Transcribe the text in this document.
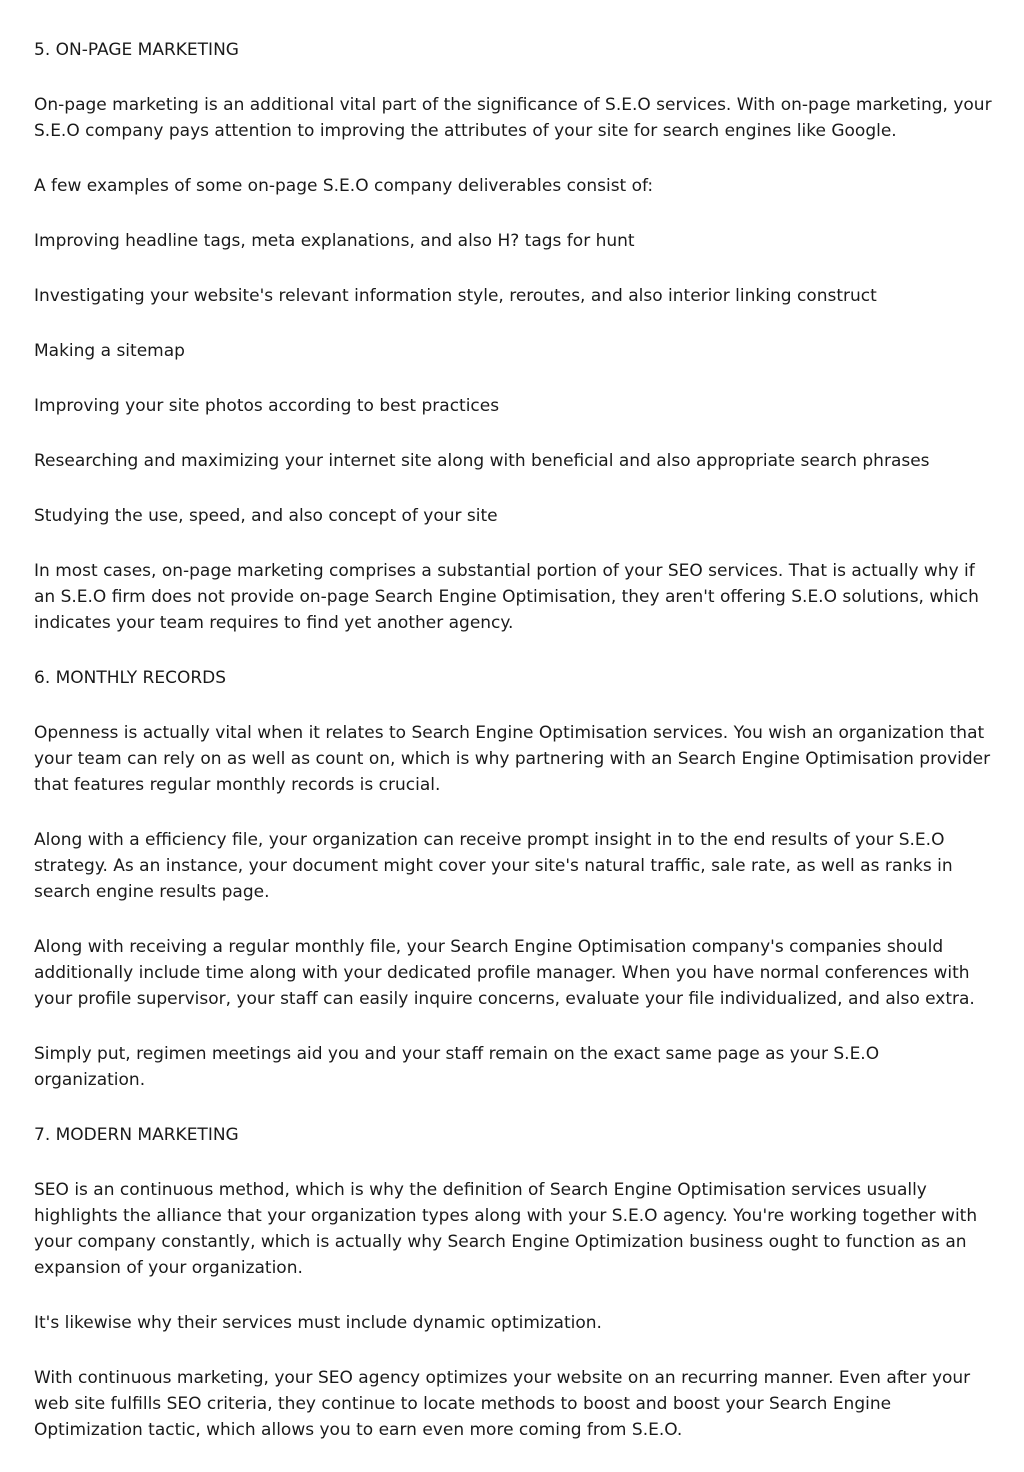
5. ON-PAGE MARKETING

On-page marketing is an additional vital part of the significance of S.E.O services. With on-page marketing, your S.E.O company pays attention to improving the attributes of your site for search engines like Google.

A few examples of some on-page S.E.O company deliverables consist of:

Improving headline tags, meta explanations, and also H? tags for hunt

Investigating your website's relevant information style, reroutes, and also interior linking construct

Making a sitemap

Improving your site photos according to best practices

Researching and maximizing your internet site along with beneficial and also appropriate search phrases

Studying the use, speed, and also concept of your site

In most cases, on-page marketing comprises a substantial portion of your SEO services. That is actually why if an S.E.O firm does not provide on-page Search Engine Optimisation, they aren't offering S.E.O solutions, which indicates your team requires to find yet another agency.

6. MONTHLY RECORDS

Openness is actually vital when it relates to Search Engine Optimisation services. You wish an organization that your team can rely on as well as count on, which is why partnering with an Search Engine Optimisation provider that features regular monthly records is crucial.

Along with a efficiency file, your organization can receive prompt insight in to the end results of your S.E.O strategy. As an instance, your document might cover your site's natural traffic, sale rate, as well as ranks in search engine results page.

Along with receiving a regular monthly file, your Search Engine Optimisation company's companies should additionally include time along with your dedicated profile manager. When you have normal conferences with your profile supervisor, your staff can easily inquire concerns, evaluate your file individualized, and also extra.

Simply put, regimen meetings aid you and your staff remain on the exact same page as your S.E.O organization.

7. MODERN MARKETING

SEO is an continuous method, which is why the definition of Search Engine Optimisation services usually highlights the alliance that your organization types along with your S.E.O agency. You're working together with your company constantly, which is actually why Search Engine Optimization business ought to function as an expansion of your organization.

It's likewise why their services must include dynamic optimization.

With continuous marketing, your SEO agency optimizes your website on an recurring manner. Even after your web site fulfills SEO criteria, they continue to locate methods to boost and boost your Search Engine Optimization tactic, which allows you to earn even more coming from S.E.O.
